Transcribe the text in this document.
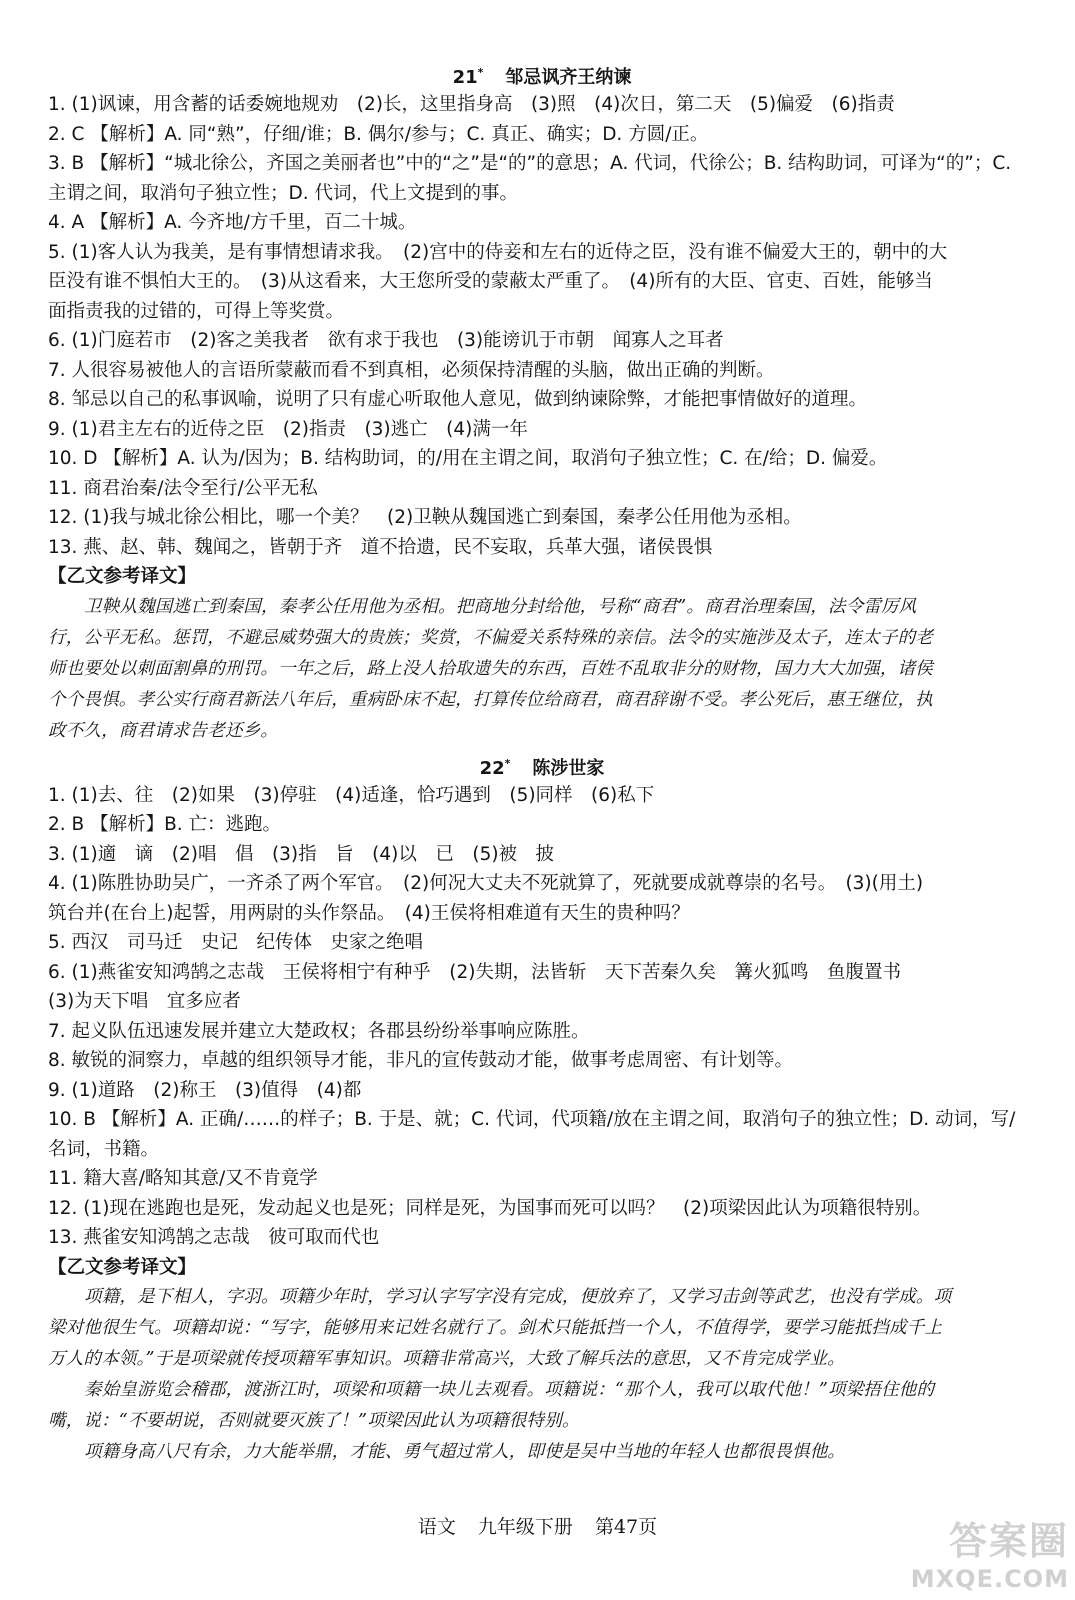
21* 邹忌讽齐王纳谏
1. (1)讽谏，用含蓄的话委婉地规劝　(2)长，这里指身高　(3)照　(4)次日，第二天　(5)偏爱　(6)指责
2. C 【解析】A. 同“熟”，仔细/谁；B. 偶尔/参与；C. 真正、确实；D. 方圆/正。
3. B 【解析】“城北徐公，齐国之美丽者也”中的“之”是“的”的意思；A. 代词，代徐公；B. 结构助词，可译为“的”；C.
主谓之间，取消句子独立性；D. 代词，代上文提到的事。
4. A 【解析】A. 今齐地/方千里，百二十城。
5. (1)客人认为我美，是有事情想请求我。　(2)宫中的侍妾和左右的近侍之臣，没有谁不偏爱大王的，朝中的大
臣没有谁不惧怕大王的。　(3)从这看来，大王您所受的蒙蔽太严重了。　(4)所有的大臣、官吏、百姓，能够当
面指责我的过错的，可得上等奖赏。
6. (1)门庭若市　(2)客之美我者　欲有求于我也　(3)能谤讥于市朝　闻寡人之耳者
7. 人很容易被他人的言语所蒙蔽而看不到真相，必须保持清醒的头脑，做出正确的判断。
8. 邹忌以自己的私事讽喻，说明了只有虚心听取他人意见，做到纳谏除弊，才能把事情做好的道理。
9. (1)君主左右的近侍之臣　(2)指责　(3)逃亡　(4)满一年
10. D 【解析】A. 认为/因为；B. 结构助词，的/用在主谓之间，取消句子独立性；C. 在/给；D. 偏爱。
11. 商君治秦/法令至行/公平无私
12. (1)我与城北徐公相比，哪一个美？　(2)卫鞅从魏国逃亡到秦国，秦孝公任用他为丞相。
13. 燕、赵、韩、魏闻之，皆朝于齐　道不拾遗，民不妄取，兵革大强，诸侯畏惧
【乙文参考译文】
卫鞅从魏国逃亡到秦国，秦孝公任用他为丞相。把商地分封给他，号称“商君”。商君治理秦国，法令雷厉风
行，公平无私。惩罚，不避忌威势强大的贵族；奖赏，不偏爱关系特殊的亲信。法令的实施涉及太子，连太子的老
师也要处以刺面割鼻的刑罚。一年之后，路上没人拾取遗失的东西，百姓不乱取非分的财物，国力大大加强，诸侯
个个畏惧。孝公实行商君新法八年后，重病卧床不起，打算传位给商君，商君辞谢不受。孝公死后，惠王继位，执
政不久，商君请求告老还乡。
22* 陈涉世家
1. (1)去、往　(2)如果　(3)停驻　(4)适逢，恰巧遇到　(5)同样　(6)私下
2. B 【解析】B. 亡：逃跑。
3. (1)適　谪　(2)唱　倡　(3)指　旨　(4)以　已　(5)被　披
4. (1)陈胜协助吴广，一齐杀了两个军官。　(2)何况大丈夫不死就算了，死就要成就尊崇的名号。　(3)(用土)
筑台并(在台上)起誓，用两尉的头作祭品。　(4)王侯将相难道有天生的贵种吗？
5. 西汉　司马迁　史记　纪传体　史家之绝唱
6. (1)燕雀安知鸿鹄之志哉　王侯将相宁有种乎　(2)失期，法皆斩　天下苦秦久矣　篝火狐鸣　鱼腹置书
(3)为天下唱　宜多应者
7. 起义队伍迅速发展并建立大楚政权；各郡县纷纷举事响应陈胜。
8. 敏锐的洞察力，卓越的组织领导才能，非凡的宣传鼓动才能，做事考虑周密、有计划等。
9. (1)道路　(2)称王　(3)值得　(4)都
10. B 【解析】A. 正确/……的样子；B. 于是、就；C. 代词，代项籍/放在主谓之间，取消句子的独立性；D. 动词，写/
名词，书籍。
11. 籍大喜/略知其意/又不肯竟学
12. (1)现在逃跑也是死，发动起义也是死；同样是死，为国事而死可以吗？　(2)项梁因此认为项籍很特别。
13. 燕雀安知鸿鹄之志哉　彼可取而代也
【乙文参考译文】
项籍，是下相人，字羽。项籍少年时，学习认字写字没有完成，便放弃了，又学习击剑等武艺，也没有学成。项
梁对他很生气。项籍却说：“写字，能够用来记姓名就行了。剑术只能抵挡一个人，不值得学，要学习能抵挡成千上
万人的本领。”于是项梁就传授项籍军事知识。项籍非常高兴，大致了解兵法的意思，又不肯完成学业。
秦始皇游览会稽郡，渡浙江时，项梁和项籍一块儿去观看。项籍说：“那个人，我可以取代他！”项梁捂住他的
嘴，说：“不要胡说，否则就要灭族了！”项梁因此认为项籍很特别。
项籍身高八尺有余，力大能举鼎，才能、勇气超过常人，即使是吴中当地的年轻人也都很畏惧他。
语文 九年级下册 第47页	答案圈
MXQE.COM
